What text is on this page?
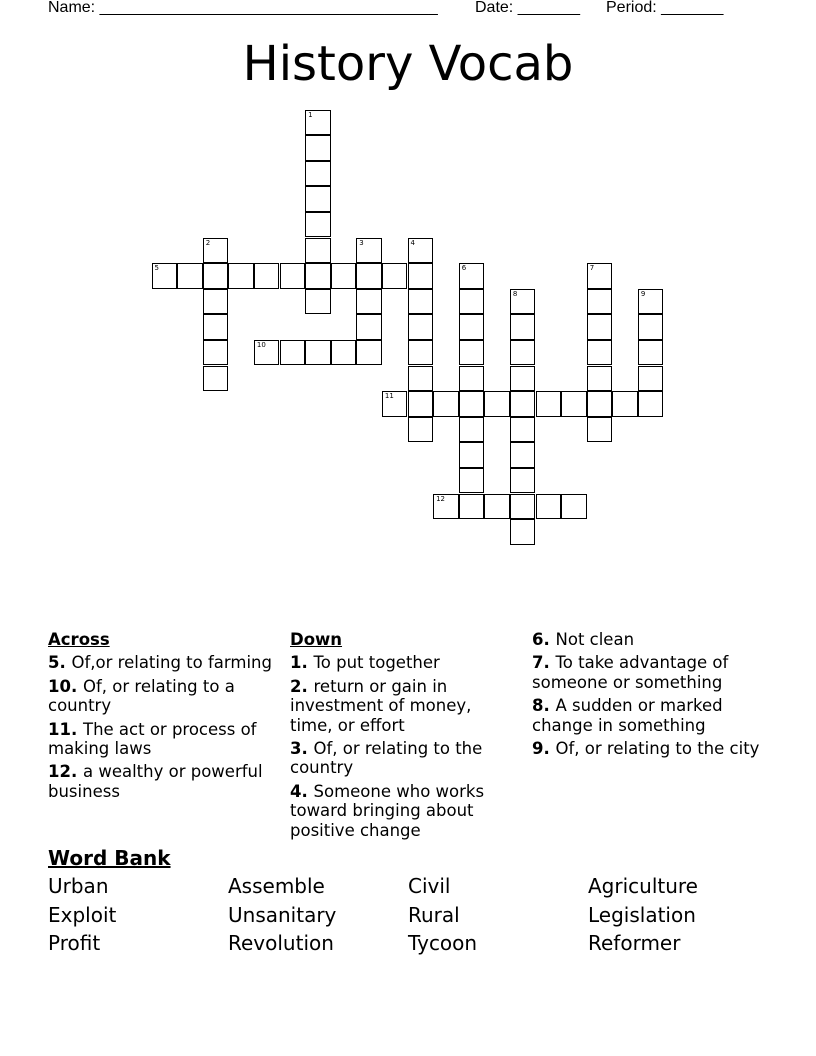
Name: ______________________________________ Date: _______ Period: _______
History Vocab
1
2	3	4
5	6	7
8	9
10
11
12
Across
5. Of,or relating to farming
10. Of, or relating to a country
11. The act or process of making laws
12. a wealthy or powerful business
Down
1. To put together
2. return or gain in investment of money, time, or effort
3. Of, or relating to the country
4. Someone who works toward bringing about positive change
6. Not clean
7. To take advantage of someone or something
8. A sudden or marked change in something
9. Of, or relating to the city
Word Bank
Urban	Assemble	Civil	Agriculture
Exploit	Unsanitary	Rural	Legislation
Profit	Revolution	Tycoon	Reformer
